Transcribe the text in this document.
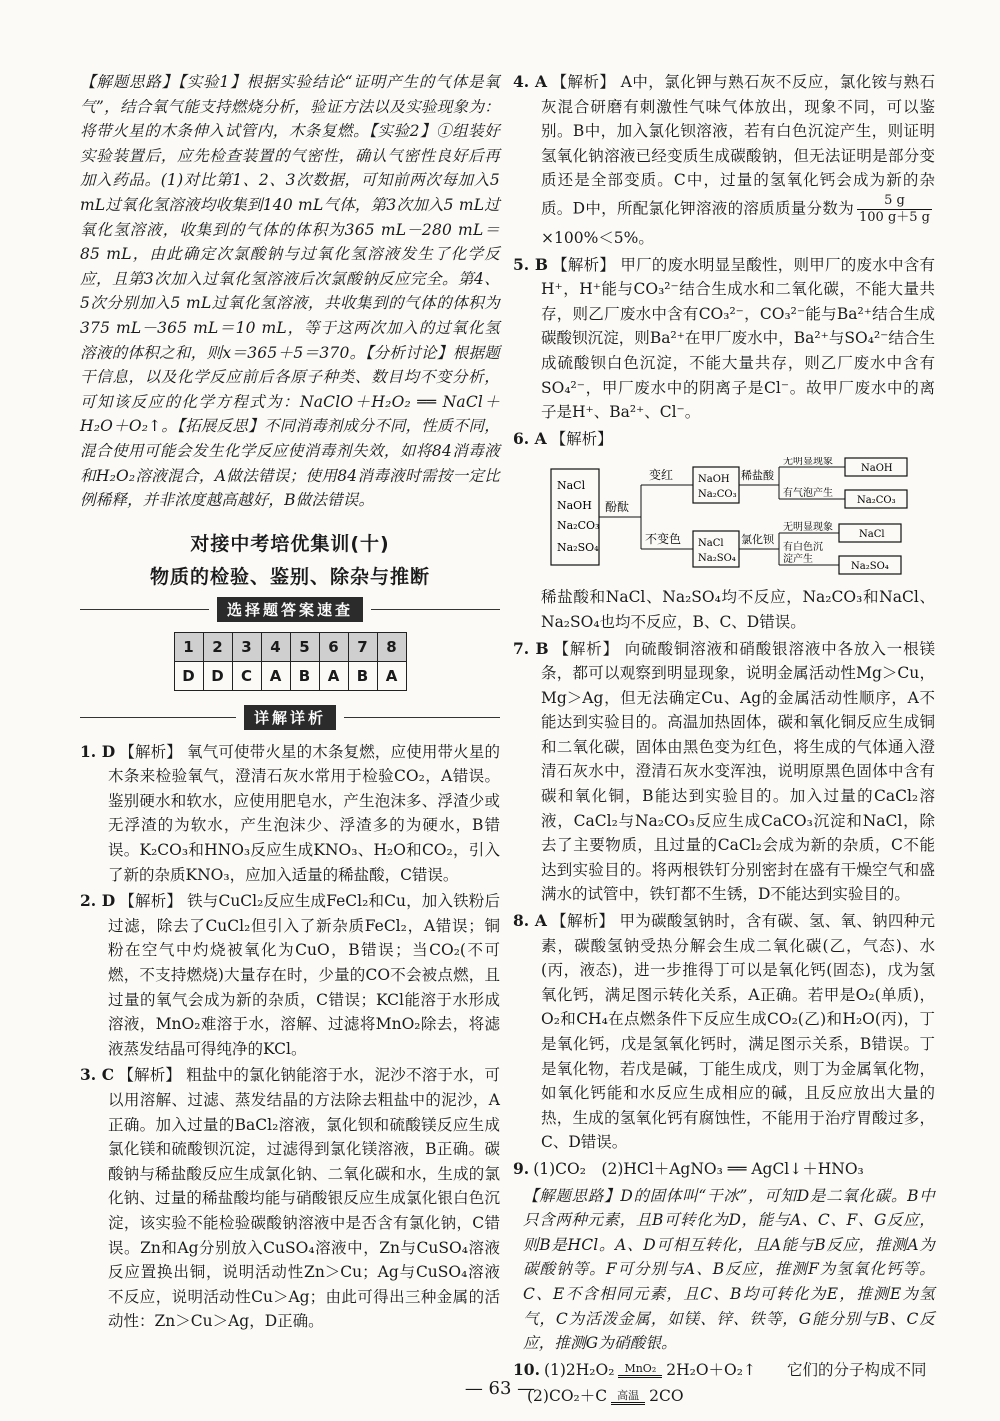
【解题思路】【实验1】根据实验结论“证明产生的气体是氧气”，结合氧气能支持燃烧分析，验证方法以及实验现象为：将带火星的木条伸入试管内，木条复燃。【实验2】①组装好实验装置后，应先检查装置的气密性，确认气密性良好后再加入药品。(1)对比第1、2、3次数据，可知前两次每加入5 mL过氧化氢溶液均收集到140 mL气体，第3次加入5 mL过氧化氢溶液，收集到的气体的体积为365 mL－280 mL＝85 mL，由此确定次氯酸钠与过氧化氢溶液发生了化学反应，且第3次加入过氧化氢溶液后次氯酸钠反应完全。第4、5次分别加入5 mL过氧化氢溶液，共收集到的气体的体积为375 mL－365 mL＝10 mL，等于这两次加入的过氧化氢溶液的体积之和，则x＝365＋5＝370。【分析讨论】根据题干信息，以及化学反应前后各原子种类、数目均不变分析，可知该反应的化学方程式为：NaClO＋H₂O₂ ══ NaCl＋H₂O＋O₂↑。【拓展反思】不同消毒剂成分不同，性质不同，混合使用可能会发生化学反应使消毒剂失效，如将84消毒液和H₂O₂溶液混合，A做法错误；使用84消毒液时需按一定比例稀释，并非浓度越高越好，B做法错误。

对接中考培优集训(十)
物质的检验、鉴别、除杂与推断
选择题答案速查
1	2	3	4	5	6	7	8
D	D	C	A	B	A	B	A
详解详析

1. D 【解析】 氧气可使带火星的木条复燃，应使用带火星的木条来检验氧气，澄清石灰水常用于检验CO₂，A错误。鉴别硬水和软水，应使用肥皂水，产生泡沫多、浮渣少或无浮渣的为软水，产生泡沫少、浮渣多的为硬水，B错误。K₂CO₃和HNO₃反应生成KNO₃、H₂O和CO₂，引入了新的杂质KNO₃，应加入适量的稀盐酸，C错误。

2. D 【解析】 铁与CuCl₂反应生成FeCl₂和Cu，加入铁粉后过滤，除去了CuCl₂但引入了新杂质FeCl₂，A错误；铜粉在空气中灼烧被氧化为CuO，B错误；当CO₂(不可燃，不支持燃烧)大量存在时，少量的CO不会被点燃，且过量的氧气会成为新的杂质，C错误；KCl能溶于水形成溶液，MnO₂难溶于水，溶解、过滤将MnO₂除去，将滤液蒸发结晶可得纯净的KCl。

3. C 【解析】 粗盐中的氯化钠能溶于水，泥沙不溶于水，可以用溶解、过滤、蒸发结晶的方法除去粗盐中的泥沙，A正确。加入过量的BaCl₂溶液，氯化钡和硫酸镁反应生成氯化镁和硫酸钡沉淀，过滤得到氯化镁溶液，B正确。碳酸钠与稀盐酸反应生成氯化钠、二氧化碳和水，生成的氯化钠、过量的稀盐酸均能与硝酸银反应生成氯化银白色沉淀，该实验不能检验碳酸钠溶液中是否含有氯化钠，C错误。Zn和Ag分别放入CuSO₄溶液中，Zn与CuSO₄溶液反应置换出铜，说明活动性Zn＞Cu；Ag与CuSO₄溶液不反应，说明活动性Cu＞Ag；由此可得出三种金属的活动性：Zn＞Cu＞Ag，D正确。

4. A 【解析】 A中，氯化钾与熟石灰不反应，氯化铵与熟石灰混合研磨有刺激性气味气体放出，现象不同，可以鉴别。B中，加入氯化钡溶液，若有白色沉淀产生，则证明氢氧化钠溶液已经变质生成碳酸钠，但无法证明是部分变质还是全部变质。C中，过量的氢氧化钙会成为新的杂质。D中，所配氯化钾溶液的溶质质量分数为 $\frac{5 g}{100 g+5 g}$
×100%＜5%。

5. B 【解析】 甲厂的废水明显呈酸性，则甲厂的废水中含有H⁺，H⁺能与CO₃²⁻结合生成水和二氧化碳，不能大量共存，则乙厂废水中含有CO₃²⁻，CO₃²⁻能与Ba²⁺结合生成碳酸钡沉淀，则Ba²⁺在甲厂废水中，Ba²⁺与SO₄²⁻结合生成硫酸钡白色沉淀，不能大量共存，则乙厂废水中含有SO₄²⁻，甲厂废水中的阴离子是Cl⁻。故甲厂废水中的离子是H⁺、Ba²⁺、Cl⁻。

6. A 【解析】

NaCl
NaOH
Na₂CO₃
Na₂SO₄
酚酞
变红
不变色
NaOH
Na₂CO₃
NaCl
Na₂SO₄
稀盐酸
氯化钡
无明显现象
有气泡产生
NaOH
Na₂CO₃
无明显现象
有白色沉
淀产生
NaCl
Na₂SO₄

稀盐酸和NaCl、Na₂SO₄均不反应，Na₂CO₃和NaCl、Na₂SO₄也均不反应，B、C、D错误。

7. B 【解析】 向硫酸铜溶液和硝酸银溶液中各放入一根镁条，都可以观察到明显现象，说明金属活动性Mg＞Cu，Mg＞Ag，但无法确定Cu、Ag的金属活动性顺序，A不能达到实验目的。高温加热固体，碳和氧化铜反应生成铜和二氧化碳，固体由黑色变为红色，将生成的气体通入澄清石灰水中，澄清石灰水变浑浊，说明原黑色固体中含有碳和氧化铜，B能达到实验目的。加入过量的CaCl₂溶液，CaCl₂与Na₂CO₃反应生成CaCO₃沉淀和NaCl，除去了主要物质，且过量的CaCl₂会成为新的杂质，C不能达到实验目的。将两根铁钉分别密封在盛有干燥空气和盛满水的试管中，铁钉都不生锈，D不能达到实验目的。

8. A 【解析】 甲为碳酸氢钠时，含有碳、氢、氧、钠四种元素，碳酸氢钠受热分解会生成二氧化碳(乙，气态)、水(丙，液态)，进一步推得丁可以是氧化钙(固态)，戊为氢氧化钙，满足图示转化关系，A正确。若甲是O₂(单质)，O₂和CH₄在点燃条件下反应生成CO₂(乙)和H₂O(丙)，丁是氧化钙，戊是氢氧化钙时，满足图示关系，B错误。丁是氧化物，若戊是碱，丁能生成戊，则丁为金属氧化物，如氧化钙能和水反应生成相应的碱，且反应放出大量的热，生成的氢氧化钙有腐蚀性，不能用于治疗胃酸过多，C、D错误。

9. (1)CO₂　(2)HCl＋AgNO₃ ══ AgCl↓＋HNO₃

【解题思路】D的固体叫“干冰”，可知D是二氧化碳。B中只含两种元素，且B可转化为D，能与A、C、F、G反应，则B是HCl。A、D可相互转化，且A能与B反应，推测A为碳酸钠等。F可分别与A、B反应，推测F为氢氧化钙等。C、E不含相同元素，且C、B均可转化为E，推测E为氢气，C为活泼金属，如镁、锌、铁等，G能分别与B、C反应，推测G为硝酸银。

10. (1)2H₂O₂ MnO₂ 2H₂O＋O₂↑　　 它们的分子构成不同

(2)CO₂＋C 高温 2CO

— 63 —
